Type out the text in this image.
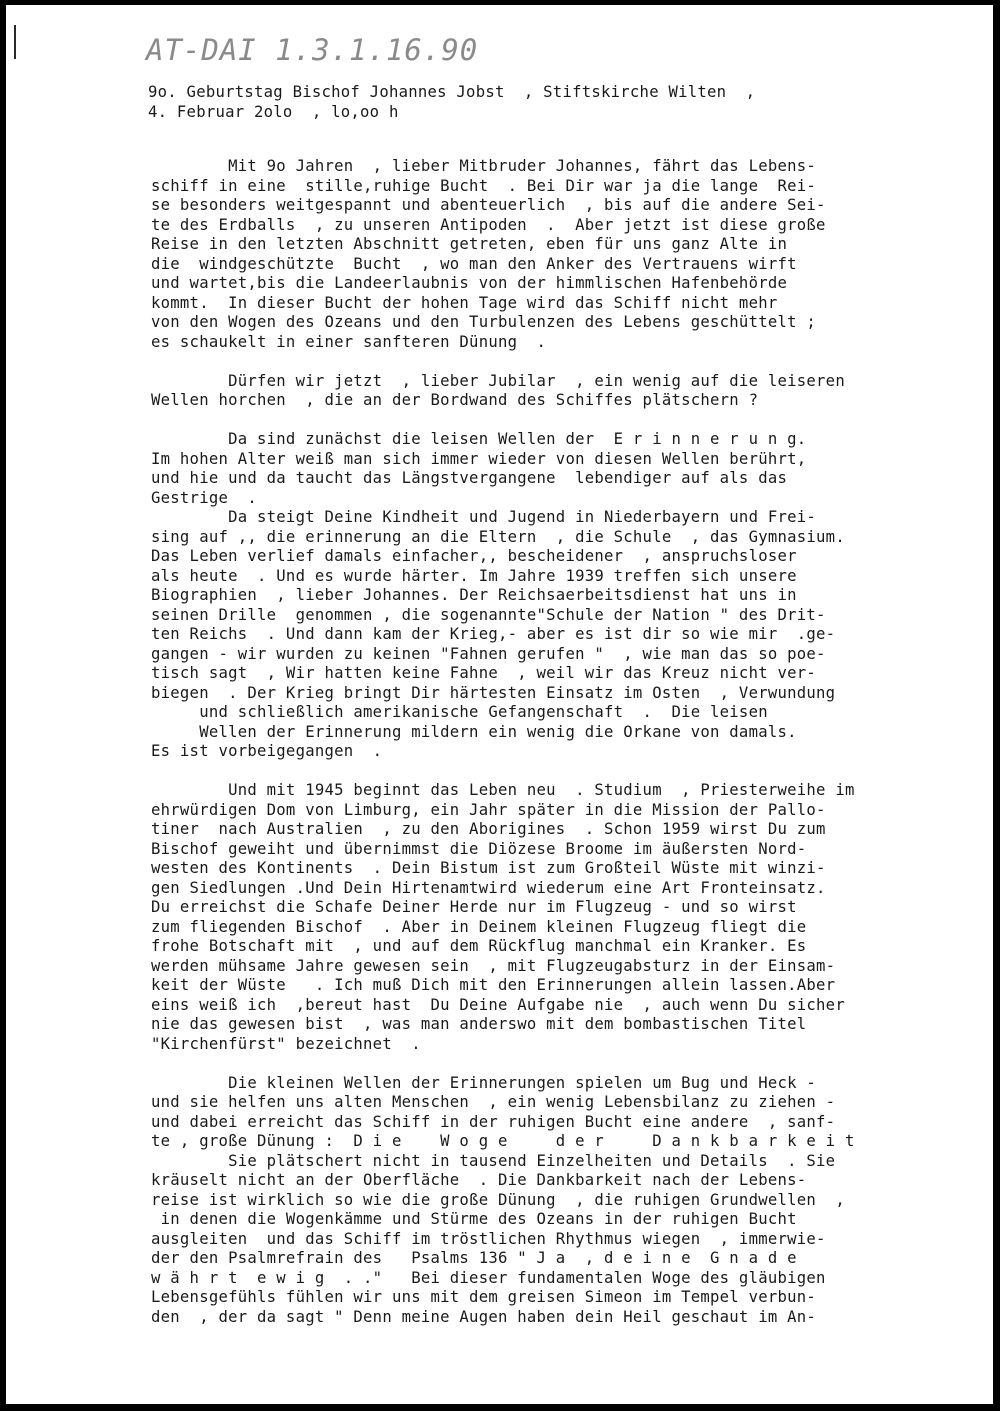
AT-DAI 1.3.1.16.90
9o. Geburtstag Bischof Johannes Jobst  , Stiftskirche Wilten  ,
4. Februar 2olo  , lo,oo h
Mit 9o Jahren  , lieber Mitbruder Johannes, fährt das Lebens-
schiff in eine  stille,ruhige Bucht  . Bei Dir war ja die lange  Rei-
se besonders weitgespannt und abenteuerlich  , bis auf die andere Sei-
te des Erdballs  , zu unseren Antipoden  .  Aber jetzt ist diese große
Reise in den letzten Abschnitt getreten, eben für uns ganz Alte in
die  windgeschützte  Bucht  , wo man den Anker des Vertrauens wirft
und wartet,bis die Landeerlaubnis von der himmlischen Hafenbehörde
kommt.  In dieser Bucht der hohen Tage wird das Schiff nicht mehr
von den Wogen des Ozeans und den Turbulenzen des Lebens geschüttelt ;
es schaukelt in einer sanfteren Dünung  .
Dürfen wir jetzt  , lieber Jubilar  , ein wenig auf die leiseren
Wellen horchen  , die an der Bordwand des Schiffes plätschern ?
Da sind zunächst die leisen Wellen der  E r i n n e r u n g.
Im hohen Alter weiß man sich immer wieder von diesen Wellen berührt,
und hie und da taucht das Längstvergangene  lebendiger auf als das
Gestrige  .
Da steigt Deine Kindheit und Jugend in Niederbayern und Frei-
sing auf ,, die erinnerung an die Eltern  , die Schule  , das Gymnasium.
Das Leben verlief damals einfacher,, bescheidener  , anspruchsloser
als heute  . Und es wurde härter. Im Jahre 1939 treffen sich unsere
Biographien  , lieber Johannes. Der Reichsaerbeitsdienst hat uns in
seinen Drille  genommen , die sogenannte"Schule der Nation " des Drit-
ten Reichs  . Und dann kam der Krieg,- aber es ist dir so wie mir  .ge-
gangen - wir wurden zu keinen "Fahnen gerufen "  , wie man das so poe-
tisch sagt  , Wir hatten keine Fahne  , weil wir das Kreuz nicht ver-
biegen  . Der Krieg bringt Dir härtesten Einsatz im Osten  , Verwundung
und schließlich amerikanische Gefangenschaft  .  Die leisen
Wellen der Erinnerung mildern ein wenig die Orkane von damals.
Es ist vorbeigegangen  .
Und mit 1945 beginnt das Leben neu  . Studium  , Priesterweihe im
ehrwürdigen Dom von Limburg, ein Jahr später in die Mission der Pallo-
tiner  nach Australien  , zu den Aborigines  . Schon 1959 wirst Du zum
Bischof geweiht und übernimmst die Diözese Broome im äußersten Nord-
westen des Kontinents  . Dein Bistum ist zum Großteil Wüste mit winzi-
gen Siedlungen .Und Dein Hirtenamtwird wiederum eine Art Fronteinsatz.
Du erreichst die Schafe Deiner Herde nur im Flugzeug - und so wirst
zum fliegenden Bischof  . Aber in Deinem kleinen Flugzeug fliegt die
frohe Botschaft mit  , und auf dem Rückflug manchmal ein Kranker. Es
werden mühsame Jahre gewesen sein  , mit Flugzeugabsturz in der Einsam-
keit der Wüste   . Ich muß Dich mit den Erinnerungen allein lassen.Aber
eins weiß ich  ,bereut hast  Du Deine Aufgabe nie  , auch wenn Du sicher
nie das gewesen bist  , was man anderswo mit dem bombastischen Titel
"Kirchenfürst" bezeichnet  .
Die kleinen Wellen der Erinnerungen spielen um Bug und Heck -
und sie helfen uns alten Menschen  , ein wenig Lebensbilanz zu ziehen -
und dabei erreicht das Schiff in der ruhigen Bucht eine andere  , sanf-
te , große Dünung :  D i e    W o g e     d e r     D a n k b a r k e i t
Sie plätschert nicht in tausend Einzelheiten und Details  . Sie
kräuselt nicht an der Oberfläche  . Die Dankbarkeit nach der Lebens-
reise ist wirklich so wie die große Dünung  , die ruhigen Grundwellen  ,
in denen die Wogenkämme und Stürme des Ozeans in der ruhigen Bucht
ausgleiten  und das Schiff im tröstlichen Rhythmus wiegen  , immerwie-
der den Psalmrefrain des   Psalms 136 " J a  , d e i n e  G n a d e
w ä h r t  e w i g  . ."   Bei dieser fundamentalen Woge des gläubigen
Lebensgefühls fühlen wir uns mit dem greisen Simeon im Tempel verbun-
den  , der da sagt " Denn meine Augen haben dein Heil geschaut im An-
